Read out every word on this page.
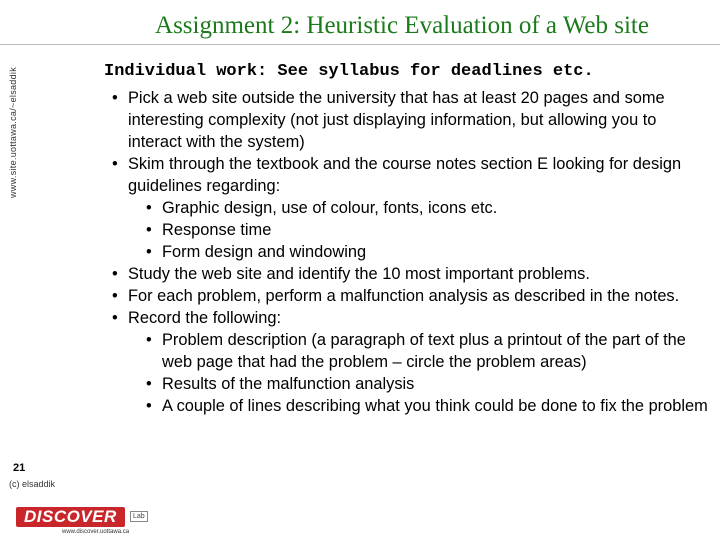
Assignment 2: Heuristic Evaluation of a Web site
www.site.uottawa.ca/~elsaddik	Individual work: See syllabus for deadlines etc.

• Pick a web site outside the university that has at least 20 pages and some interesting complexity (not just displaying information, but allowing you to interact with the system)

• Skim through the textbook and the course notes section E looking for design guidelines regarding:

• Graphic design, use of colour, fonts, icons etc.

• Response time

• Form design and windowing

• Study the web site and identify the 10 most important problems.

• For each problem, perform a malfunction analysis as described in the notes.

• Record the following:

• Problem description (a paragraph of text plus a printout of the part of the web page that had the problem – circle the problem areas)

• Results of the malfunction analysis

• A couple of lines describing what you think could be done to fix the problem

21
(c) elsaddik
DISCOVER	Lab
www.discover.uottawa.ca
